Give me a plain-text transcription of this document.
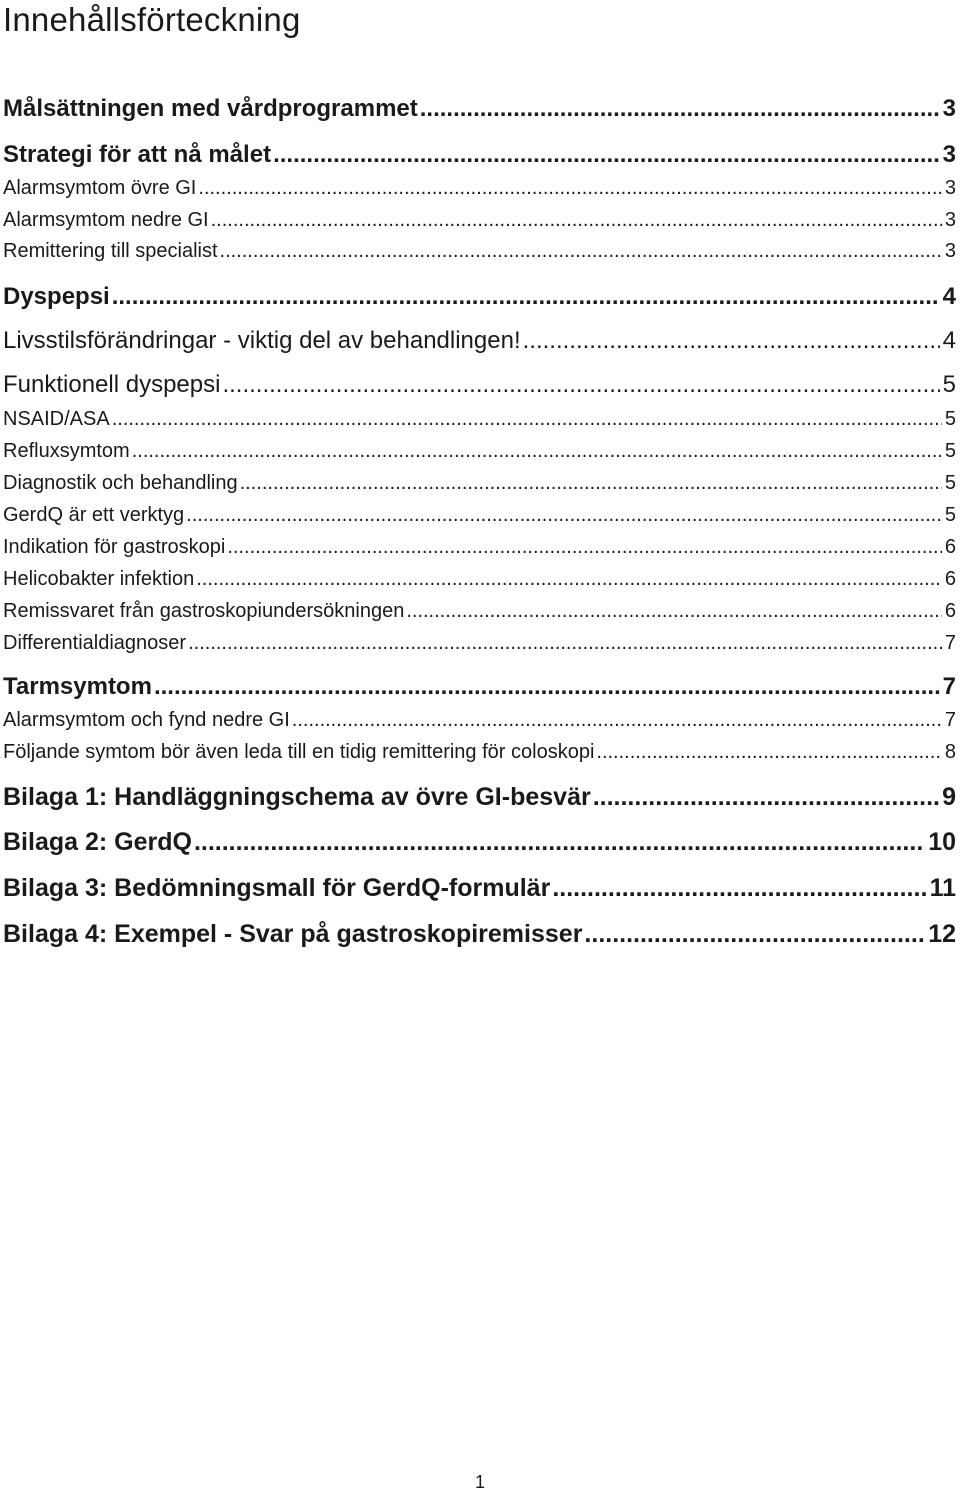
Innehållsförteckning
Målsättningen med vårdprogrammet .....	3
Strategi för att nå målet .....	3
Alarmsymtom övre GI .....	3
Alarmsymtom nedre GI .....	3
Remittering till specialist .....	3
Dyspepsi .....	4
Livsstilsförändringar - viktig del av behandlingen! .....	4
Funktionell dyspepsi .....	5
NSAID/ASA .....	5
Refluxsymtom .....	5
Diagnostik och behandling .....	5
GerdQ är ett verktyg .....	5
Indikation för gastroskopi .....	6
Helicobakter infektion .....	6
Remissvaret från gastroskopiundersökningen .....	6
Differentialdiagnoser .....	7
Tarmsymtom .....	7
Alarmsymtom och fynd nedre GI .....	7
Följande symtom bör även leda till en tidig remittering för coloskopi .....	8
Bilaga 1: Handläggningschema av övre GI-besvär .....	9
Bilaga 2: GerdQ .....	10
Bilaga 3: Bedömningsmall för GerdQ-formulär .....	11
Bilaga 4: Exempel - Svar på gastroskopiremisser .....	12
1
